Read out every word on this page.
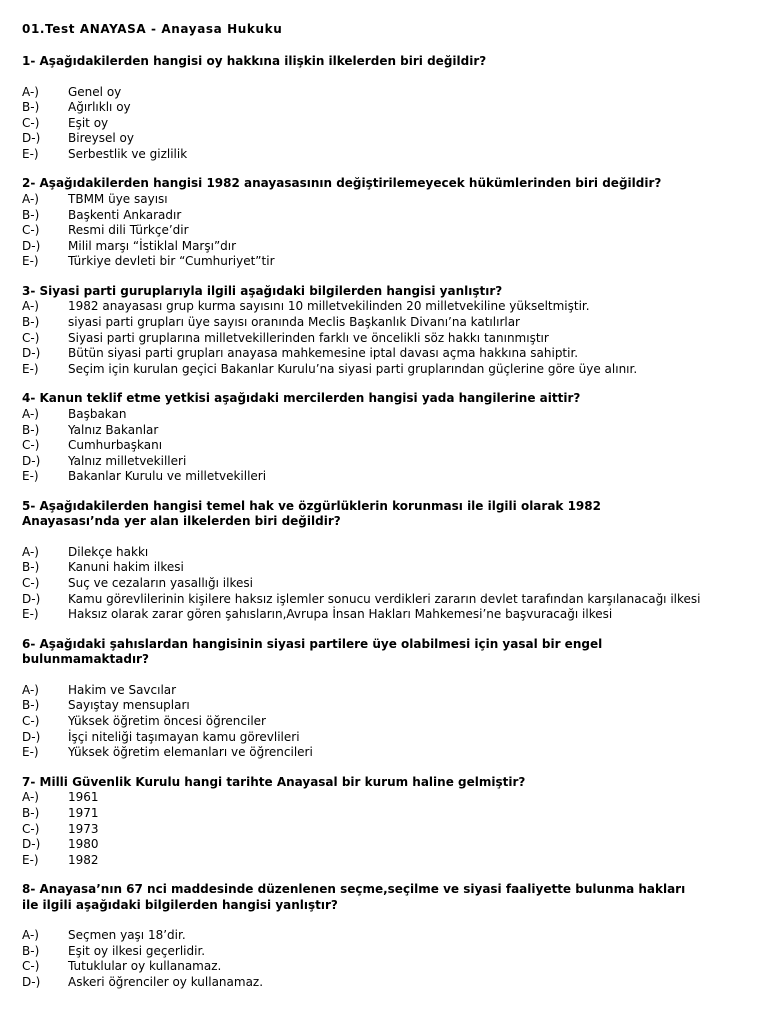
01.Test ANAYASA - Anayasa Hukuku
1- Aşağıdakilerden hangisi oy hakkına ilişkin ilkelerden biri değildir?
A-)	Genel oy
B-)	Ağırlıklı oy
C-)	Eşit oy
D-)	Bireysel oy
E-)	Serbestlik ve gizlilik
2- Aşağıdakilerden hangisi 1982 anayasasının değiştirilemeyecek hükümlerinden biri değildir?
A-)	TBMM üye sayısı
B-)	Başkenti Ankaradır
C-)	Resmi dili Türkçe’dir
D-)	Milil marşı “İstiklal Marşı”dır
E-)	Türkiye devleti bir “Cumhuriyet”tir
3- Siyasi parti guruplarıyla ilgili aşağıdaki bilgilerden hangisi yanlıştır?
A-)	1982 anayasası grup kurma sayısını 10 milletvekilinden 20 milletvekiline yükseltmiştir.
B-)	siyasi parti grupları üye sayısı oranında Meclis Başkanlık Divanı’na katılırlar
C-)	Siyasi parti gruplarına milletvekillerinden farklı ve öncelikli söz hakkı tanınmıştır
D-)	Bütün siyasi parti grupları anayasa mahkemesine iptal davası açma hakkına sahiptir.
E-)	Seçim için kurulan geçici Bakanlar Kurulu’na siyasi parti gruplarından güçlerine göre üye alınır.
4- Kanun teklif etme yetkisi aşağıdaki mercilerden hangisi yada hangilerine aittir?
A-)	Başbakan
B-)	Yalnız Bakanlar
C-)	Cumhurbaşkanı
D-)	Yalnız milletvekilleri
E-)	Bakanlar Kurulu ve milletvekilleri
5- Aşağıdakilerden hangisi temel hak ve özgürlüklerin korunması ile ilgili olarak 1982
Anayasası’nda yer alan ilkelerden biri değildir?
A-)	Dilekçe hakkı
B-)	Kanuni hakim ilkesi
C-)	Suç ve cezaların yasallığı ilkesi
D-) Kamu görevlilerinin kişilere haksız işlemler sonucu verdikleri zararın devlet tarafından karşılanacağı ilkesi
E-)	Haksız olarak zarar gören şahısların,Avrupa İnsan Hakları Mahkemesi’ne başvuracağı ilkesi
6- Aşağıdaki şahıslardan hangisinin siyasi partilere üye olabilmesi için yasal bir engel
bulunmamaktadır?
A-)	Hakim ve Savcılar
B-)	Sayıştay mensupları
C-)	Yüksek öğretim öncesi öğrenciler
D-)	İşçi niteliği taşımayan kamu görevlileri
E-)	Yüksek öğretim elemanları ve öğrencileri
7- Milli Güvenlik Kurulu hangi tarihte Anayasal bir kurum haline gelmiştir?
A-)	1961
B-)	1971
C-)	1973
D-)	1980
E-)	1982
8- Anayasa’nın 67 nci maddesinde düzenlenen seçme,seçilme ve siyasi faaliyette bulunma hakları
ile ilgili aşağıdaki bilgilerden hangisi yanlıştır?
A-)	Seçmen yaşı 18’dir.
B-)	Eşit oy ilkesi geçerlidir.
C-)	Tutuklular oy kullanamaz.
D-)	Askeri öğrenciler oy kullanamaz.
